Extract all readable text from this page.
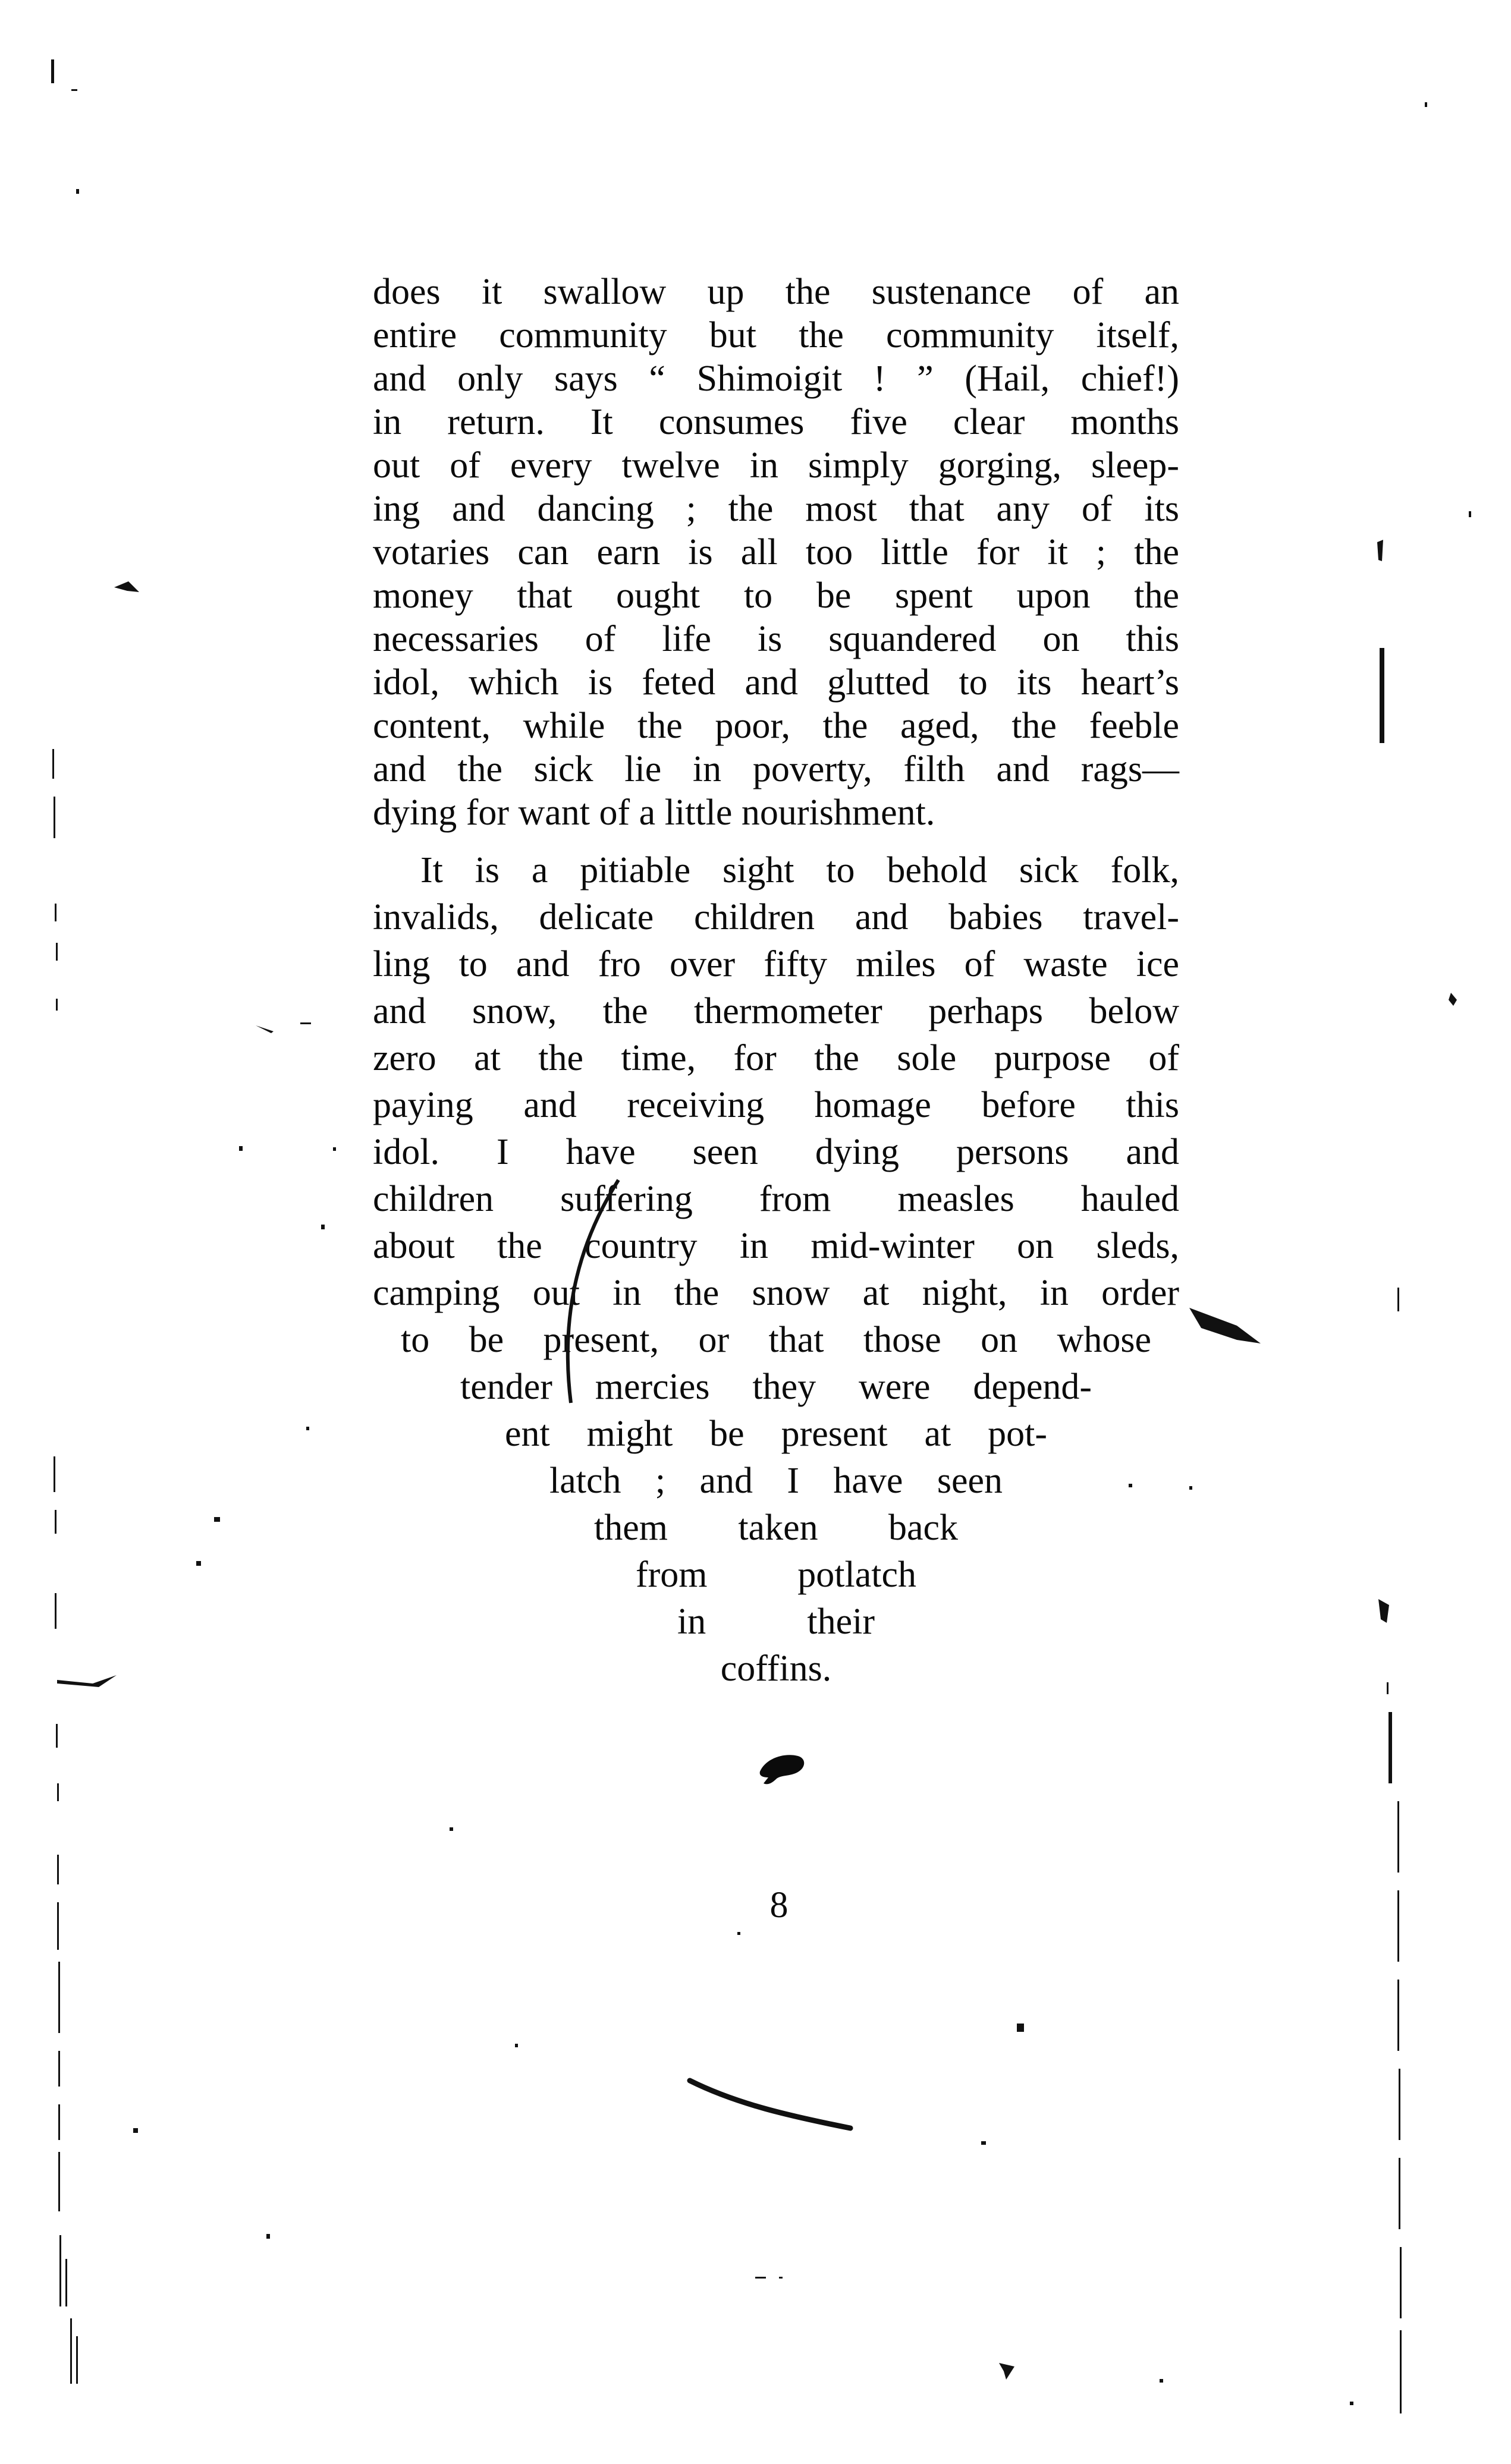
does it swallow up the sustenance of an
entire community but the community itself,
and only says “ Shimoigit ! ” (Hail, chief!)
in return. It consumes five clear months
out of every twelve in simply gorging, sleep-
ing and dancing ; the most that any of its
votaries can earn is all too little for it ; the
money that ought to be spent upon the
necessaries of life is squandered on this
idol, which is feted and glutted to its heart’s
content, while the poor, the aged, the feeble
and the sick lie in poverty, filth and rags—
dying for want of a little nourishment.
It is a pitiable sight to behold sick folk,
invalids, delicate children and babies travel-
ling to and fro over fifty miles of waste ice
and snow, the thermometer perhaps below
zero at the time, for the sole purpose of
paying and receiving homage before this
idol. I have seen dying persons and
children suffering from measles hauled
about the country in mid-winter on sleds,
camping out in the snow at night, in order
to be present, or that those on whose
tender mercies they were depend-
ent might be present at pot-
latch ; and I have seen
them taken back
from potlatch
in their
coffins.
8
